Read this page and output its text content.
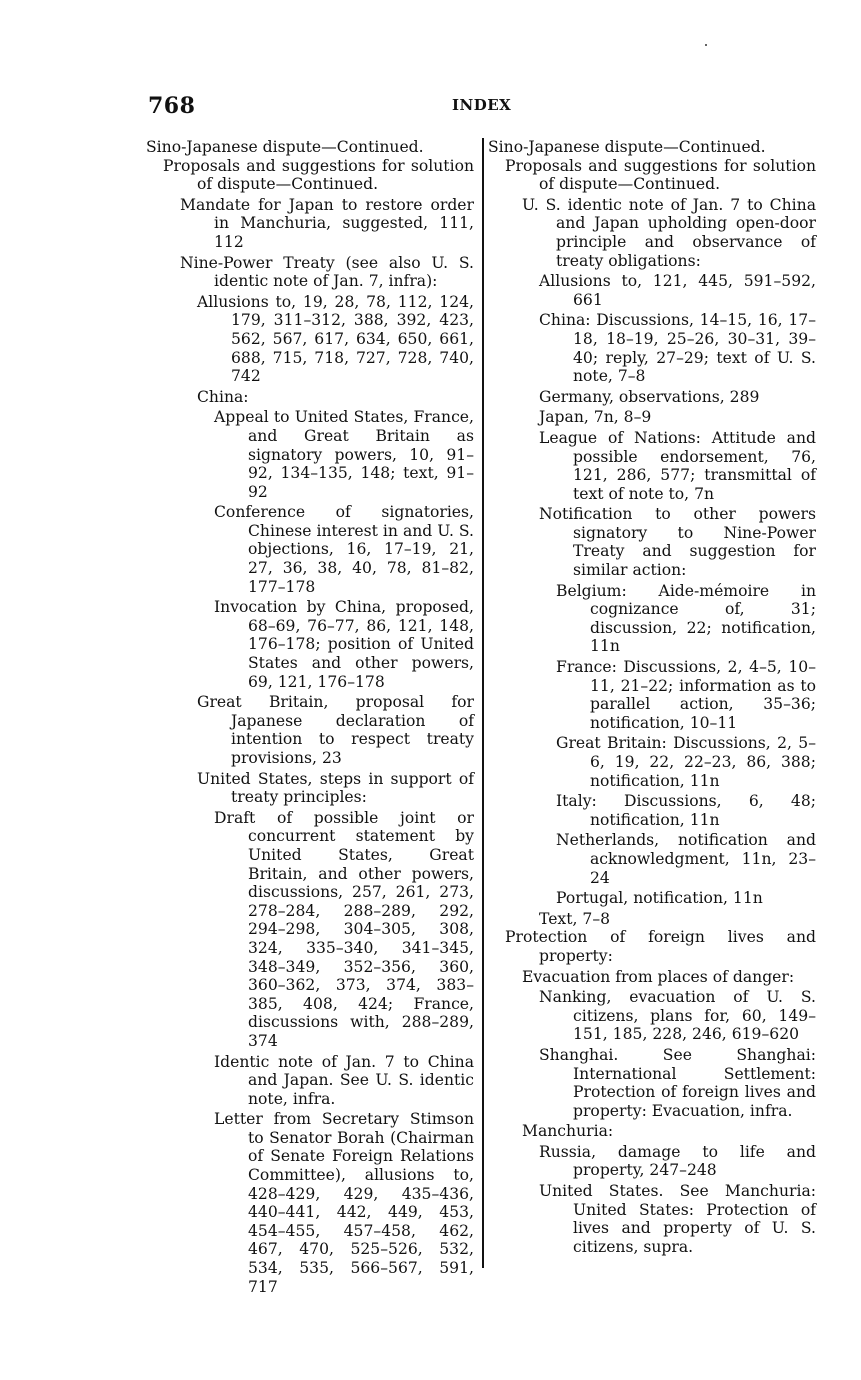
768	INDEX

Sino-Japanese dispute—Continued.

Proposals and suggestions for solution of dispute—Continued.

Mandate for Japan to restore order in Manchuria, suggested, 111, 112

Nine-Power Treaty (see also U. S. identic note of Jan. 7, infra):

Allusions to, 19, 28, 78, 112, 124, 179, 311–312, 388, 392, 423, 562, 567, 617, 634, 650, 661, 688, 715, 718, 727, 728, 740, 742

China:

Appeal to United States, France, and Great Britain as signatory powers, 10, 91–92, 134–135, 148; text, 91–92

Conference of signatories, Chinese interest in and U. S. objections, 16, 17–19, 21, 27, 36, 38, 40, 78, 81–82, 177–178

Invocation by China, proposed, 68–69, 76–77, 86, 121, 148, 176–178; position of United States and other powers, 69, 121, 176–178

Great Britain, proposal for Japanese declaration of intention to respect treaty provisions, 23

United States, steps in support of treaty principles:

Draft of possible joint or concurrent statement by United States, Great Britain, and other powers, discussions, 257, 261, 273, 278–284, 288–289, 292, 294–298, 304–305, 308, 324, 335–340, 341–345, 348–349, 352–356, 360, 360–362, 373, 374, 383–385, 408, 424; France, discussions with, 288–289, 374

Identic note of Jan. 7 to China and Japan. See U. S. identic note, infra.

Letter from Secretary Stimson to Senator Borah (Chairman of Senate Foreign Relations Committee), allusions to, 428–429, 429, 435–436, 440–441, 442, 449, 453, 454–455, 457–458, 462, 467, 470, 525–526, 532, 534, 535, 566–567, 591, 717

Sino-Japanese dispute—Continued.

Proposals and suggestions for solution of dispute—Continued.

U. S. identic note of Jan. 7 to China and Japan upholding open-door principle and observance of treaty obligations:

Allusions to, 121, 445, 591–592, 661

China: Discussions, 14–15, 16, 17–18, 18–19, 25–26, 30–31, 39–40; reply, 27–29; text of U. S. note, 7–8

Germany, observations, 289

Japan, 7n, 8–9

League of Nations: Attitude and possible endorsement, 76, 121, 286, 577; transmittal of text of note to, 7n

Notification to other powers signatory to Nine-Power Treaty and suggestion for similar action:

Belgium: Aide-mémoire in cognizance of, 31; discussion, 22; notification, 11n

France: Discussions, 2, 4–5, 10–11, 21–22; information as to parallel action, 35–36; notification, 10–11

Great Britain: Discussions, 2, 5–6, 19, 22, 22–23, 86, 388; notification, 11n

Italy: Discussions, 6, 48; notification, 11n

Netherlands, notification and acknowledgment, 11n, 23–24

Portugal, notification, 11n

Text, 7–8

Protection of foreign lives and property:

Evacuation from places of danger:

Nanking, evacuation of U. S. citizens, plans for, 60, 149–151, 185, 228, 246, 619–620

Shanghai. See Shanghai: International Settlement: Protection of foreign lives and property: Evacuation, infra.

Manchuria:

Russia, damage to life and property, 247–248

United States. See Manchuria: United States: Protection of lives and property of U. S. citizens, supra.
